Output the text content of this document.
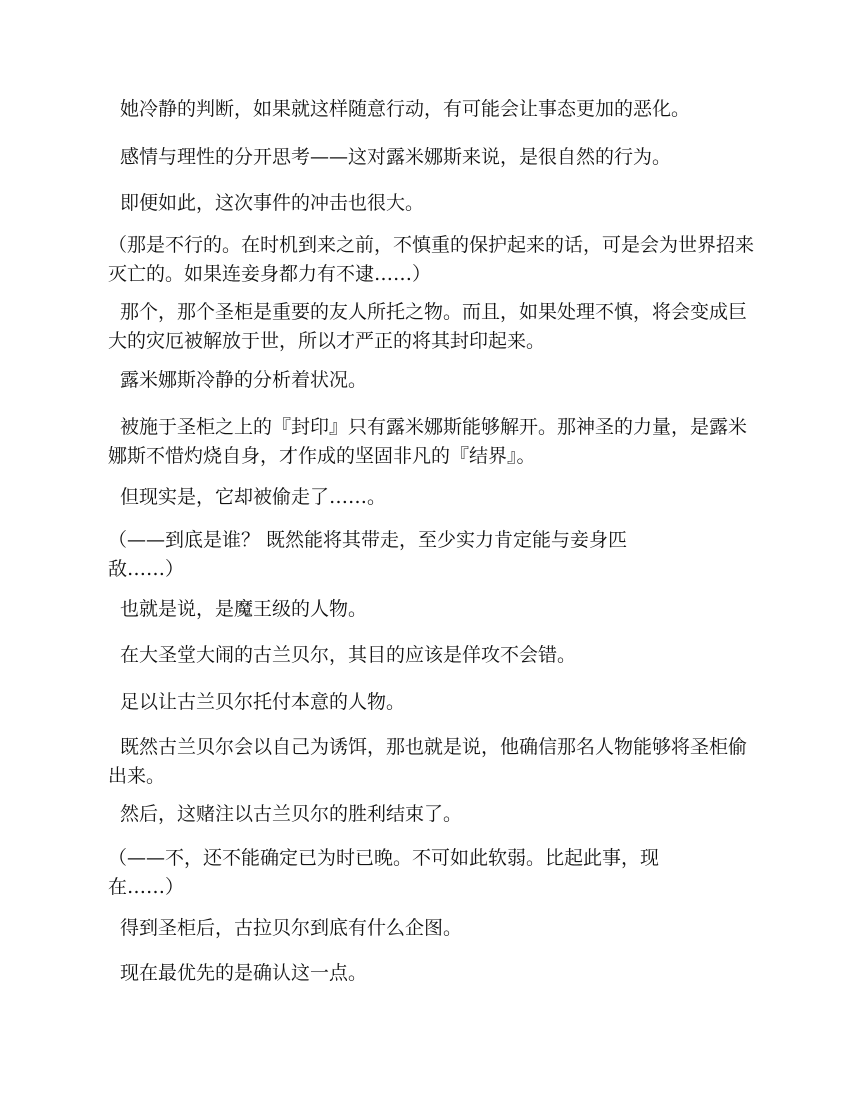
她冷静的判断，如果就这样随意行动，有可能会让事态更加的恶化。

感情与理性的分开思考——这对露米娜斯来说，是很自然的行为。

即便如此，这次事件的冲击也很大。

（那是不行的。在时机到来之前，不慎重的保护起来的话，可是会为世界招来灭亡的。如果连妾身都力有不逮……）

那个，那个圣柜是重要的友人所托之物。而且，如果处理不慎，将会变成巨大的灾厄被解放于世，所以才严正的将其封印起来。

露米娜斯冷静的分析着状况。

被施于圣柜之上的『封印』只有露米娜斯能够解开。那神圣的力量，是露米娜斯不惜灼烧自身，才作成的坚固非凡的『结界』。

但现实是，它却被偷走了……。

（——到底是谁？ 既然能将其带走，至少实力肯定能与妾身匹敌……）

也就是说，是魔王级的人物。

在大圣堂大闹的古兰贝尔，其目的应该是佯攻不会错。

足以让古兰贝尔托付本意的人物。

既然古兰贝尔会以自己为诱饵，那也就是说，他确信那名人物能够将圣柜偷出来。

然后，这赌注以古兰贝尔的胜利结束了。

（——不，还不能确定已为时已晚。不可如此软弱。比起此事，现在……）

得到圣柜后，古拉贝尔到底有什么企图。

现在最优先的是确认这一点。
